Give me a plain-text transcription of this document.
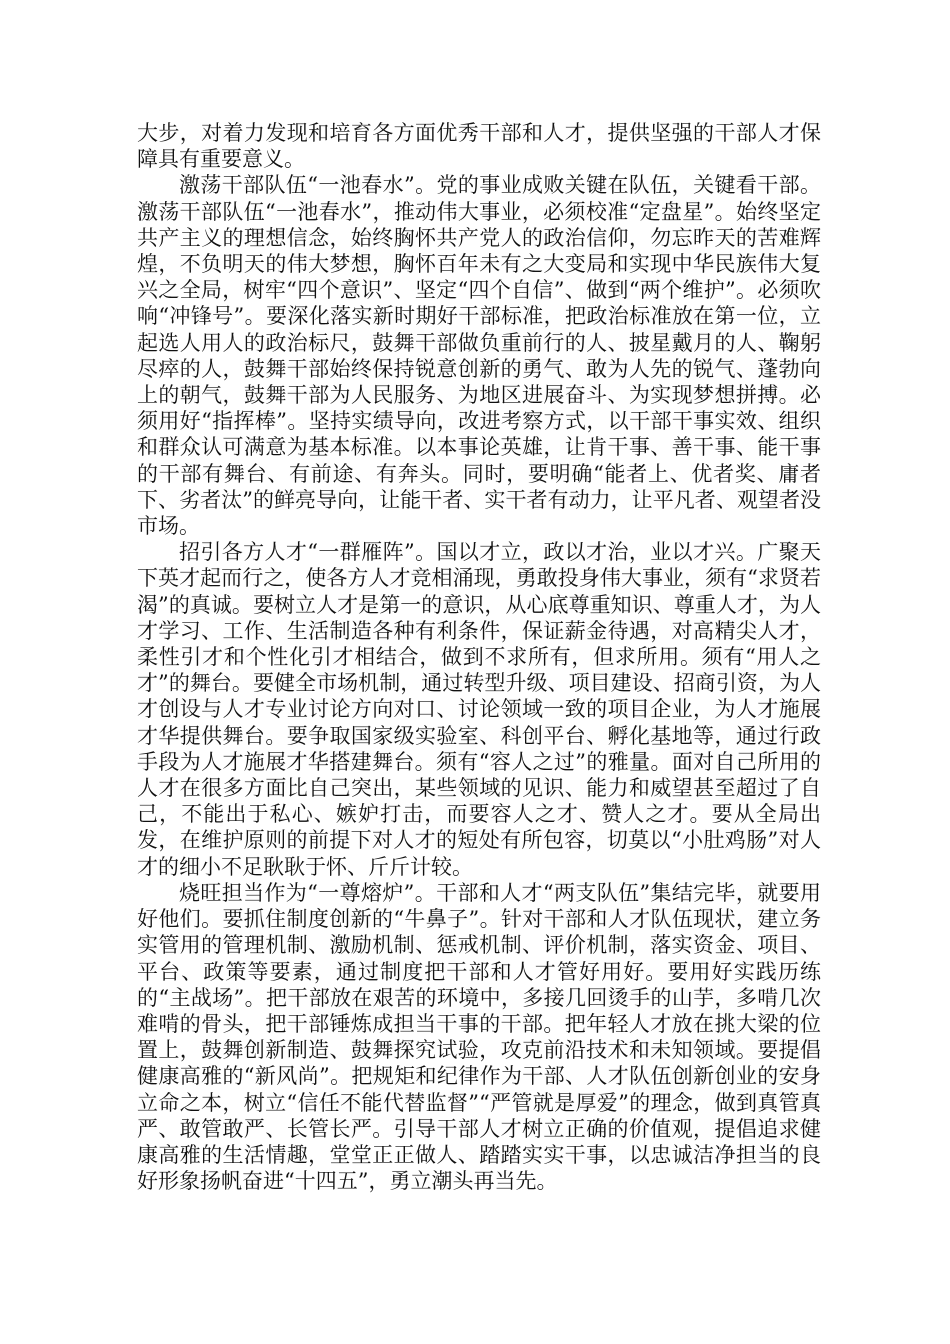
大步，对着力发现和培育各方面优秀干部和人才，提供坚强的干部人才保障具有重要意义。

激荡干部队伍“一池春水”。党的事业成败关键在队伍，关键看干部。激荡干部队伍“一池春水”，推动伟大事业，必须校准“定盘星”。始终坚定共产主义的理想信念，始终胸怀共产党人的政治信仰，勿忘昨天的苦难辉煌，不负明天的伟大梦想，胸怀百年未有之大变局和实现中华民族伟大复兴之全局，树牢“四个意识”、坚定“四个自信”、做到“两个维护”。必须吹响“冲锋号”。要深化落实新时期好干部标准，把政治标准放在第一位，立起选人用人的政治标尺，鼓舞干部做负重前行的人、披星戴月的人、鞠躬尽瘁的人，鼓舞干部始终保持锐意创新的勇气、敢为人先的锐气、蓬勃向上的朝气，鼓舞干部为人民服务、为地区进展奋斗、为实现梦想拼搏。必须用好“指挥棒”。坚持实绩导向，改进考察方式，以干部干事实效、组织和群众认可满意为基本标准。以本事论英雄，让肯干事、善干事、能干事的干部有舞台、有前途、有奔头。同时，要明确“能者上、优者奖、庸者下、劣者汰”的鲜亮导向，让能干者、实干者有动力，让平凡者、观望者没市场。

招引各方人才“一群雁阵”。国以才立，政以才治，业以才兴。广聚天下英才起而行之，使各方人才竞相涌现，勇敢投身伟大事业，须有“求贤若渴”的真诚。要树立人才是第一的意识，从心底尊重知识、尊重人才，为人才学习、工作、生活制造各种有利条件，保证薪金待遇，对高精尖人才，柔性引才和个性化引才相结合，做到不求所有，但求所用。须有“用人之才”的舞台。要健全市场机制，通过转型升级、项目建设、招商引资，为人才创设与人才专业讨论方向对口、讨论领域一致的项目企业，为人才施展才华提供舞台。要争取国家级实验室、科创平台、孵化基地等，通过行政手段为人才施展才华搭建舞台。须有“容人之过”的雅量。面对自己所用的人才在很多方面比自己突出，某些领域的见识、能力和威望甚至超过了自己，不能出于私心、嫉妒打击，而要容人之才、赞人之才。要从全局出发，在维护原则的前提下对人才的短处有所包容，切莫以“小肚鸡肠”对人才的细小不足耿耿于怀、斤斤计较。

烧旺担当作为“一尊熔炉”。干部和人才“两支队伍”集结完毕，就要用好他们。要抓住制度创新的“牛鼻子”。针对干部和人才队伍现状，建立务实管用的管理机制、激励机制、惩戒机制、评价机制，落实资金、项目、平台、政策等要素，通过制度把干部和人才管好用好。要用好实践历练的“主战场”。把干部放在艰苦的环境中，多接几回烫手的山芋，多啃几次难啃的骨头，把干部锤炼成担当干事的干部。把年轻人才放在挑大梁的位置上，鼓舞创新制造、鼓舞探究试验，攻克前沿技术和未知领域。要提倡健康高雅的“新风尚”。把规矩和纪律作为干部、人才队伍创新创业的安身立命之本，树立“信任不能代替监督”“严管就是厚爱”的理念，做到真管真严、敢管敢严、长管长严。引导干部人才树立正确的价值观，提倡追求健康高雅的生活情趣，堂堂正正做人、踏踏实实干事，以忠诚洁净担当的良好形象扬帆奋进“十四五”，勇立潮头再当先。
